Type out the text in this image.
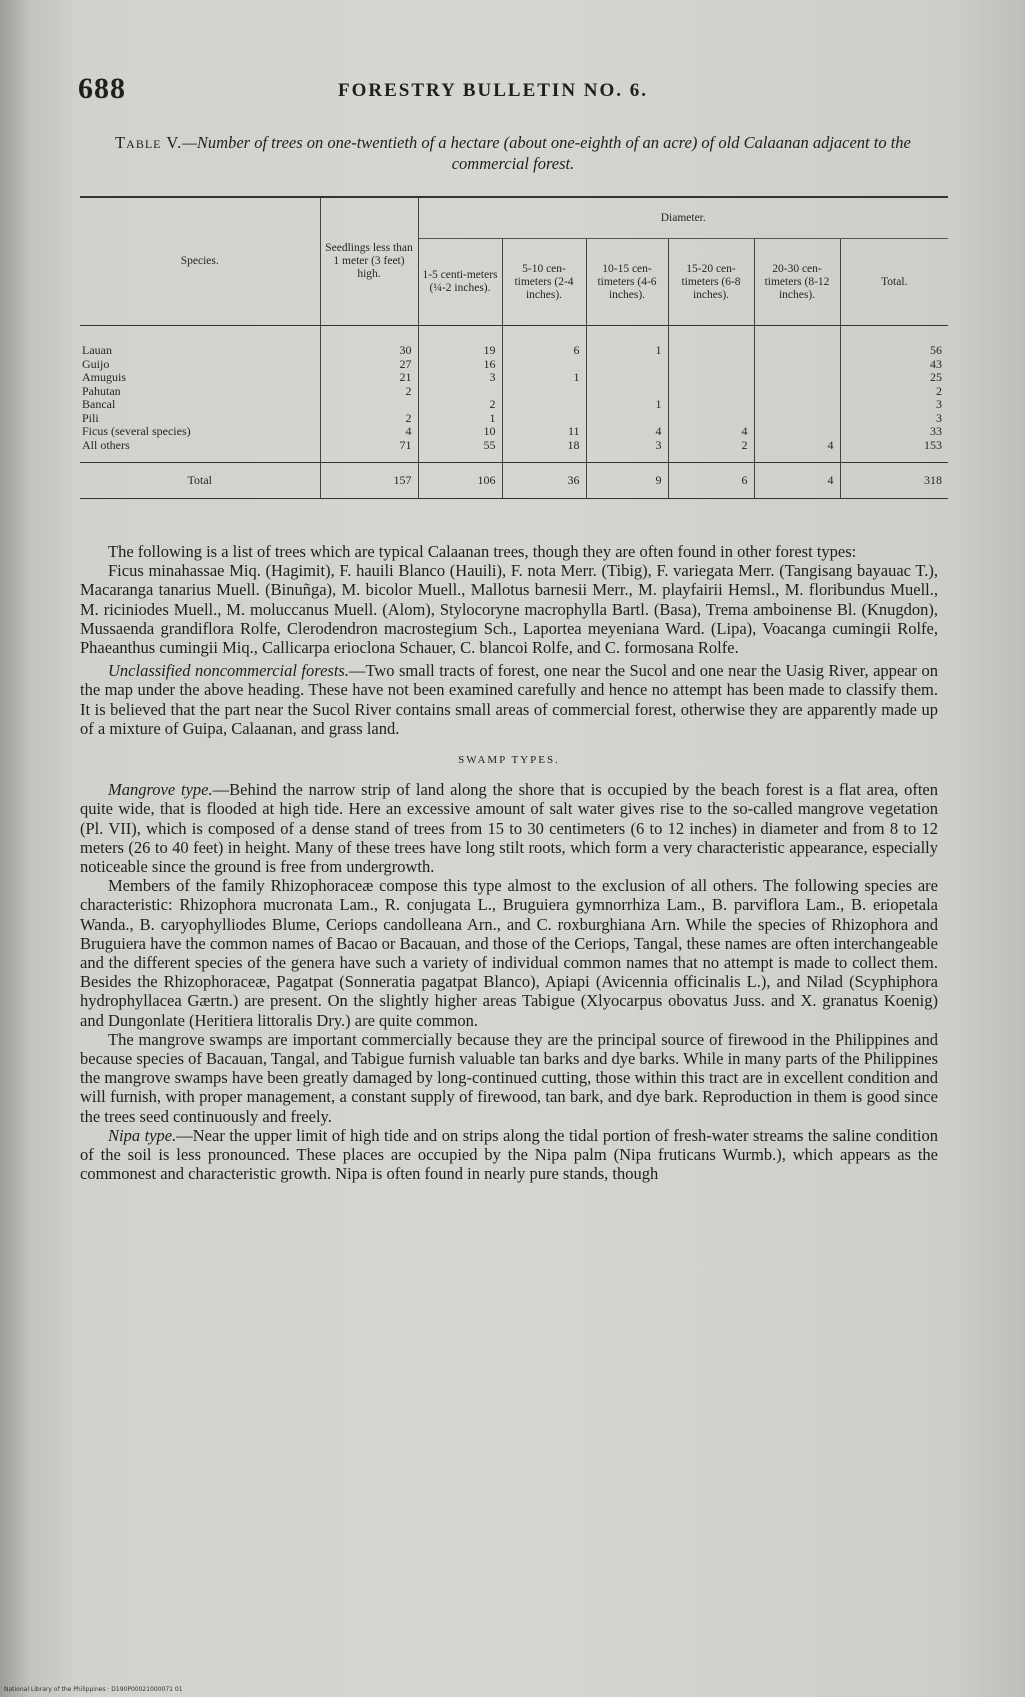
688	FORESTRY BULLETIN NO. 6.
Table V.—Number of trees on one-twentieth of a hectare (about one-eighth of an acre) of old Calaanan adjacent to the commercial forest.
Species.	Seedlings less than 1 meter (3 feet) high.	Diameter.					
		1-5 centi-meters (¼-2 inches).	5-10 cen-timeters (2-4 inches).	10-15 cen-timeters (4-6 inches).	15-20 cen-timeters (6-8 inches).	20-30 cen-timeters (8-12 inches).	Total.
Lauan	30	19	6	1			56
Guijo	27	16					43
Amuguis	21	3	1				25
Pahutan	2						2
Bancal		2		1			3
Pili	2	1					3
Ficus (several species)	4	10	11	4	4		33
All others	71	55	18	3	2	4	153
Total	157	106	36	9	6	4	318

The following is a list of trees which are typical Calaanan trees, though they are often found in other forest types:

Ficus minahassae Miq. (Hagimit), F. hauili Blanco (Hauili), F. nota Merr. (Tibig), F. variegata Merr. (Tangisang bayauac T.), Macaranga tanarius Muell. (Binuñga), M. bicolor Muell., Mallotus barnesii Merr., M. playfairii Hemsl., M. floribundus Muell., M. riciniodes Muell., M. moluccanus Muell. (Alom), Stylocoryne macrophylla Bartl. (Basa), Trema amboinense Bl. (Knugdon), Mussaenda grandiflora Rolfe, Clerodendron macrostegium Sch., Laportea meyeniana Ward. (Lipa), Voacanga cumingii Rolfe, Phaeanthus cumingii Miq., Callicarpa erioclona Schauer, C. blancoi Rolfe, and C. formosana Rolfe.

Unclassified noncommercial forests.—Two small tracts of forest, one near the Sucol and one near the Uasig River, appear on the map under the above heading. These have not been examined carefully and hence no attempt has been made to classify them. It is believed that the part near the Sucol River contains small areas of commercial forest, otherwise they are apparently made up of a mixture of Guipa, Calaanan, and grass land.

SWAMP TYPES.

Mangrove type.—Behind the narrow strip of land along the shore that is occupied by the beach forest is a flat area, often quite wide, that is flooded at high tide. Here an excessive amount of salt water gives rise to the so-called mangrove vegetation (Pl. VII), which is composed of a dense stand of trees from 15 to 30 centimeters (6 to 12 inches) in diameter and from 8 to 12 meters (26 to 40 feet) in height. Many of these trees have long stilt roots, which form a very characteristic appearance, especially noticeable since the ground is free from undergrowth.

Members of the family Rhizophoraceæ compose this type almost to the exclusion of all others. The following species are characteristic: Rhizophora mucronata Lam., R. conjugata L., Bruguiera gymnorrhiza Lam., B. parviflora Lam., B. eriopetala Wanda., B. caryophylliodes Blume, Ceriops candolleana Arn., and C. roxburghiana Arn. While the species of Rhizophora and Bruguiera have the common names of Bacao or Bacauan, and those of the Ceriops, Tangal, these names are often interchangeable and the different species of the genera have such a variety of individual common names that no attempt is made to collect them. Besides the Rhizophoraceæ, Pagatpat (Sonneratia pagatpat Blanco), Apiapi (Avicennia officinalis L.), and Nilad (Scyphiphora hydrophyllacea Gærtn.) are present. On the slightly higher areas Tabigue (Xlyocarpus obovatus Juss. and X. granatus Koenig) and Dungonlate (Heritiera littoralis Dry.) are quite common.

The mangrove swamps are important commercially because they are the principal source of firewood in the Philippines and because species of Bacauan, Tangal, and Tabigue furnish valuable tan barks and dye barks. While in many parts of the Philippines the mangrove swamps have been greatly damaged by long-continued cutting, those within this tract are in excellent condition and will furnish, with proper management, a constant supply of firewood, tan bark, and dye bark. Reproduction in them is good since the trees seed continuously and freely.

Nipa type.—Near the upper limit of high tide and on strips along the tidal portion of fresh-water streams the saline condition of the soil is less pronounced. These places are occupied by the Nipa palm (Nipa fruticans Wurmb.), which appears as the commonest and characteristic growth. Nipa is often found in nearly pure stands, though

National Library of the Philippines · D190P00021000071 01
